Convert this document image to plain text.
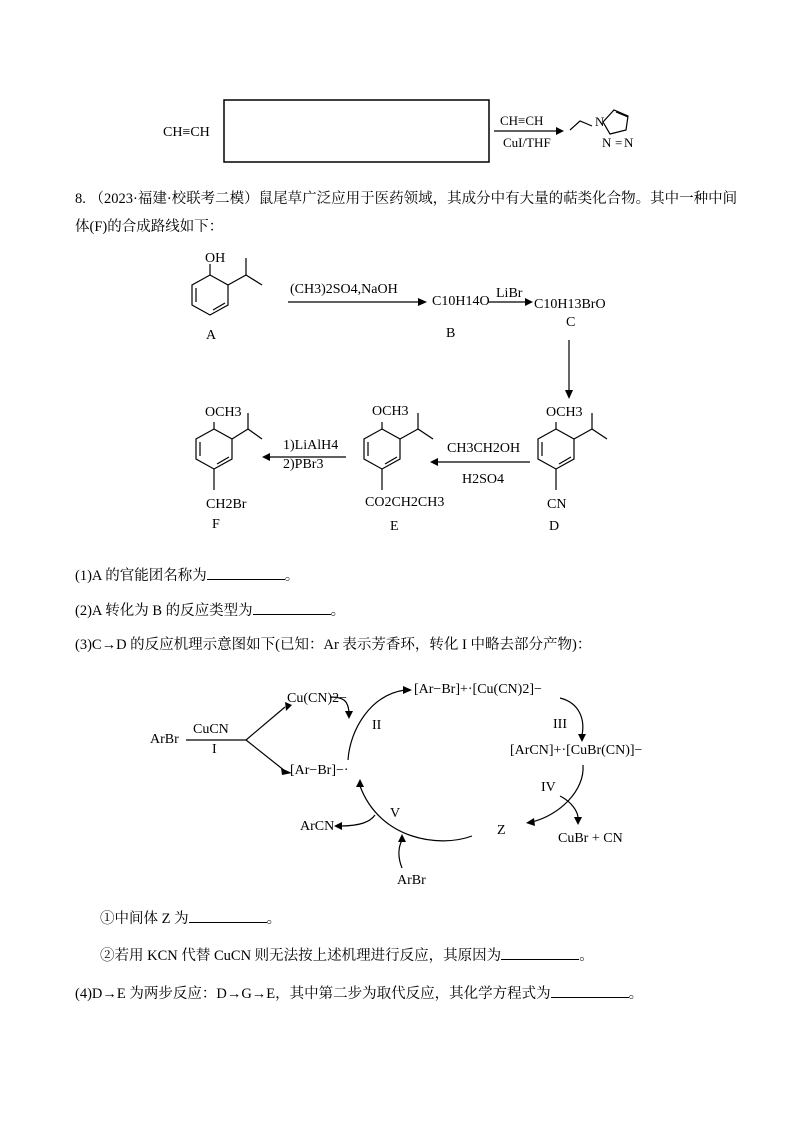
CH≡CH
CH≡CH
CuI/THF
N
N = N
OH
8. （2023·福建·校联考二模）鼠尾草广泛应用于医药领域，其成分中有大量的萜类化合物。其中一种中间
体(F)的合成路线如下：
A
(CH3)2SO4,NaOH
C10H14O
B
LiBr
C10H13BrO
C
OCH3
CN
D
CH3CH2OH
H2SO4
OCH3
CO2CH2CH3
E
1)LiAlH4
2)PBr3
OCH3
CH2Br
F
(1)A 的官能团名称为	。
(2)A 转化为 B 的反应类型为	。
(3)C→D 的反应机理示意图如下(已知：Ar 表示芳香环，转化 I 中略去部分产物)：
ArBr
CuCN
I
Cu(CN)2−
[Ar−Br]−·
II
[Ar−Br]+·[Cu(CN)2]−
III
[ArCN]+·[CuBr(CN)]−
IV
Z
CuBr + CN
V
ArCN
ArBr
①中间体 Z 为	。
②若用 KCN 代替 CuCN 则无法按上述机理进行反应，其原因为	。
(4)D→E 为两步反应：D→G→E，其中第二步为取代反应，其化学方程式为	。
